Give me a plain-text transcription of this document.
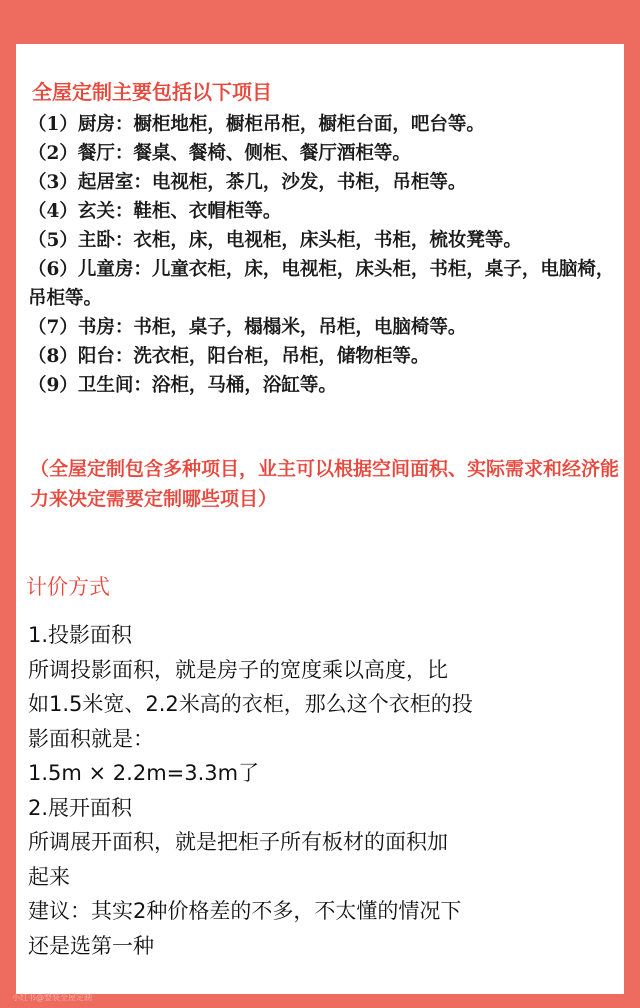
全屋定制主要包括以下项目
（1）厨房：橱柜地柜，橱柜吊柜，橱柜台面，吧台等。
（2）餐厅：餐桌、餐椅、侧柜、餐厅酒柜等。
（3）起居室：电视柜，茶几，沙发，书柜，吊柜等。
（4）玄关：鞋柜、衣帽柜等。
（5）主卧：衣柜，床，电视柜，床头柜，书柜，梳妆凳等。
（6）儿童房：儿童衣柜，床，电视柜，床头柜，书柜，桌子，电脑椅，吊柜等。
（7）书房：书柜，桌子，榻榻米，吊柜，电脑椅等。
（8）阳台：洗衣柜，阳台柜，吊柜，储物柜等。
（9）卫生间：浴柜，马桶，浴缸等。
（全屋定制包含多种项目，业主可以根据空间面积、实际需求和经济能力来决定需要定制哪些项目）
计价方式
1.投影面积
所调投影面积，就是房子的宽度乘以高度，比
如1.5米宽、2.2米高的衣柜，那么这个衣柜的投
影面积就是：
1.5m × 2.2m=3.3m了
2.展开面积
所调展开面积，就是把柜子所有板材的面积加
起来
建议：其实2种价格差的不多，不太懂的情况下
还是选第一种
小红书@整装全屋定制
